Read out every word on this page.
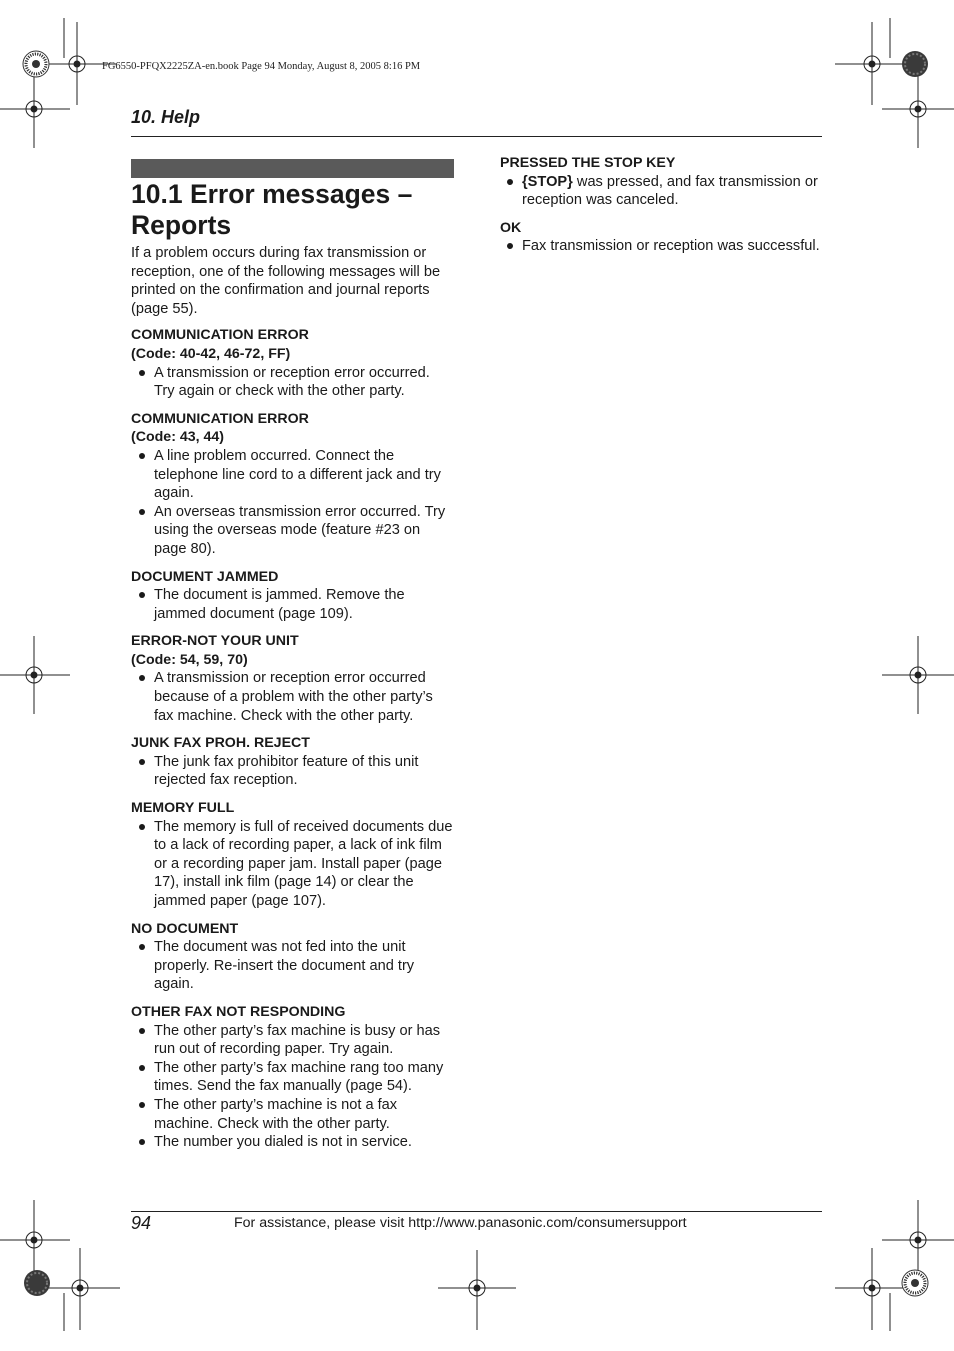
FG6550-PFQX2225ZA-en.book Page 94 Monday, August 8, 2005 8:16 PM
10. Help
10.1 Error messages – Reports

If a problem occurs during fax transmission or reception, one of the following messages will be printed on the confirmation and journal reports (page 55).

COMMUNICATION ERROR
(Code: 40-42, 46-72, FF)
A transmission or reception error occurred. Try again or check with the other party.
COMMUNICATION ERROR
(Code: 43, 44)
A line problem occurred. Connect the telephone line cord to a different jack and try again.
An overseas transmission error occurred. Try using the overseas mode (feature #23 on page 80).
DOCUMENT JAMMED
The document is jammed. Remove the jammed document (page 109).
ERROR-NOT YOUR UNIT
(Code: 54, 59, 70)
A transmission or reception error occurred because of a problem with the other party’s fax machine. Check with the other party.
JUNK FAX PROH. REJECT
The junk fax prohibitor feature of this unit rejected fax reception.
MEMORY FULL
The memory is full of received documents due to a lack of recording paper, a lack of ink film or a recording paper jam. Install paper (page 17), install ink film (page 14) or clear the jammed paper (page 107).
NO DOCUMENT
The document was not fed into the unit properly. Re-insert the document and try again.
OTHER FAX NOT RESPONDING
The other party’s fax machine is busy or has run out of recording paper. Try again.
The other party’s fax machine rang too many times. Send the fax manually (page 54).
The other party’s machine is not a fax machine. Check with the other party.
The number you dialed is not in service.
PRESSED THE STOP KEY
{STOP} was pressed, and fax transmission or reception was canceled.
OK
Fax transmission or reception was successful.
94	For assistance, please visit http://www.panasonic.com/consumersupport
